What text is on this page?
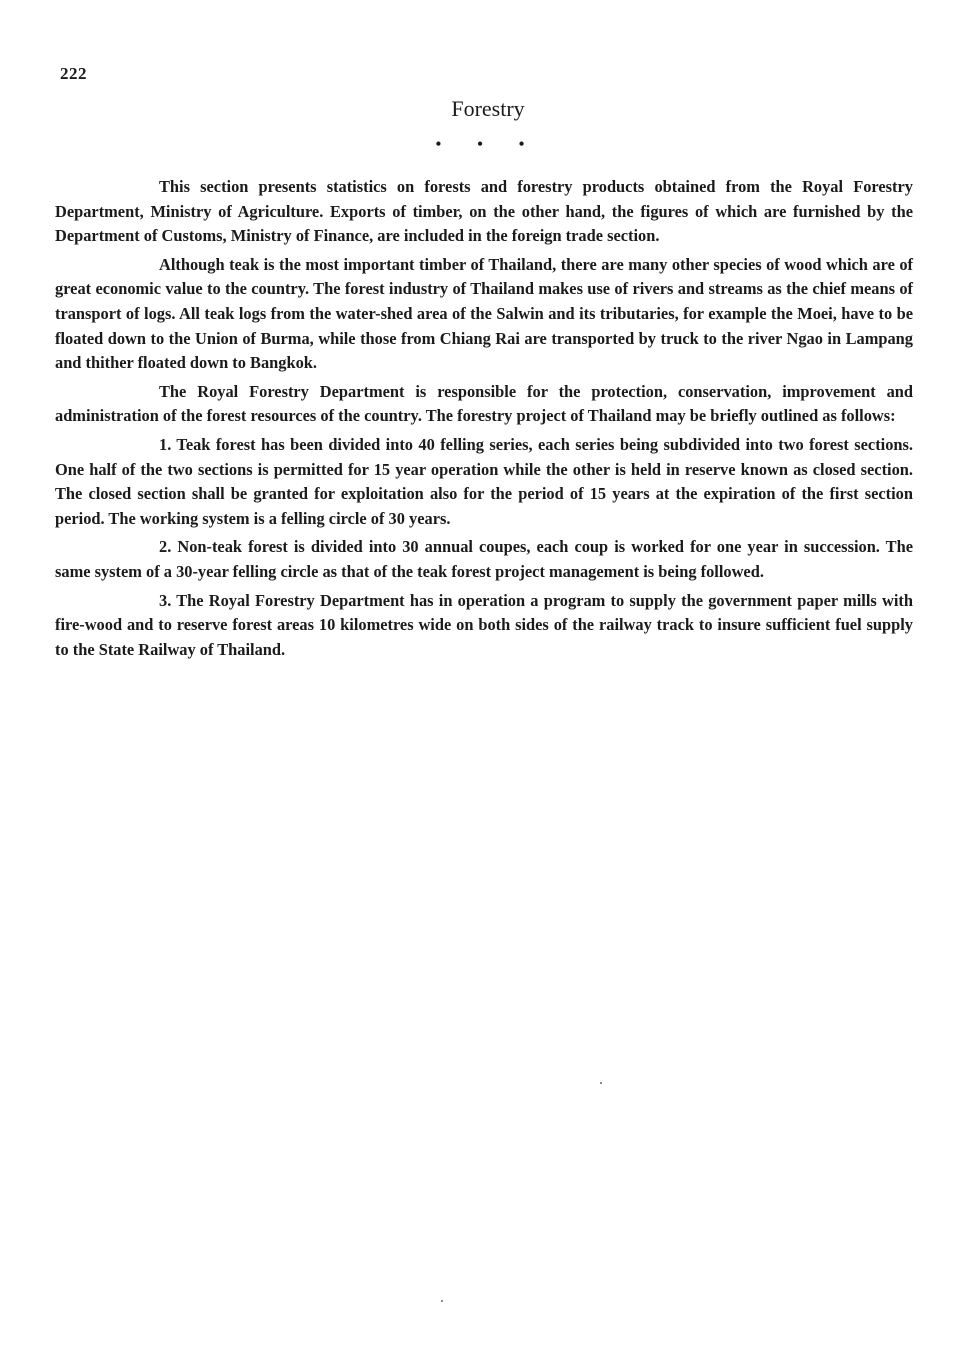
222
Forestry
• • •

This section presents statistics on forests and forestry products obtained from the Royal Forestry Department, Ministry of Agriculture. Exports of timber, on the other hand, the figures of which are furnished by the Department of Customs, Ministry of Finance, are included in the foreign trade section.

Although teak is the most important timber of Thailand, there are many other species of wood which are of great economic value to the country. The forest industry of Thailand makes use of rivers and streams as the chief means of transport of logs. All teak logs from the water-shed area of the Salwin and its tributaries, for example the Moei, have to be floated down to the Union of Burma, while those from Chiang Rai are transported by truck to the river Ngao in Lampang and thither floated down to Bangkok.

The Royal Forestry Department is responsible for the protection, conservation, improvement and administration of the forest resources of the country. The forestry project of Thailand may be briefly outlined as follows:

1. Teak forest has been divided into 40 felling series, each series being subdivided into two forest sections. One half of the two sections is permitted for 15 year operation while the other is held in reserve known as closed section. The closed section shall be granted for exploitation also for the period of 15 years at the expiration of the first section period. The working system is a felling circle of 30 years.

2. Non-teak forest is divided into 30 annual coupes, each coup is worked for one year in succession. The same system of a 30-year felling circle as that of the teak forest project management is being followed.

3. The Royal Forestry Department has in operation a program to supply the government paper mills with fire-wood and to reserve forest areas 10 kilometres wide on both sides of the railway track to insure sufficient fuel supply to the State Railway of Thailand.
